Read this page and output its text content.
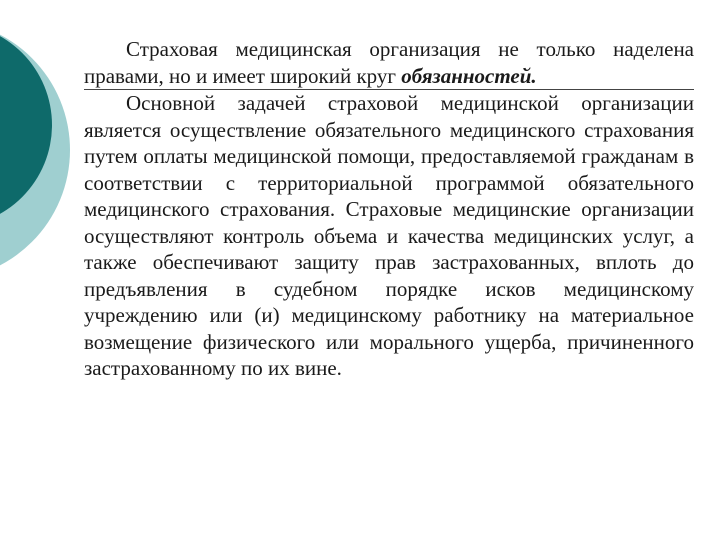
Страховая медицинская организация не только наделена правами, но и имеет широкий круг обязанностей.

Основной задачей страховой медицинской организации является осуществление обязательного медицинского страхования путем оплаты медицинской помощи, предоставляемой гражданам в соответствии с территориальной программой обязательного медицинского страхования. Страховые медицинские организации осуществляют контроль объема и качества медицинских услуг, а также обеспечивают защиту прав застрахованных, вплоть до предъявления в судебном порядке исков медицинскому учреждению или (и) медицинскому работнику на материальное возмещение физического или морального ущерба, причиненного застрахованному по их вине.
